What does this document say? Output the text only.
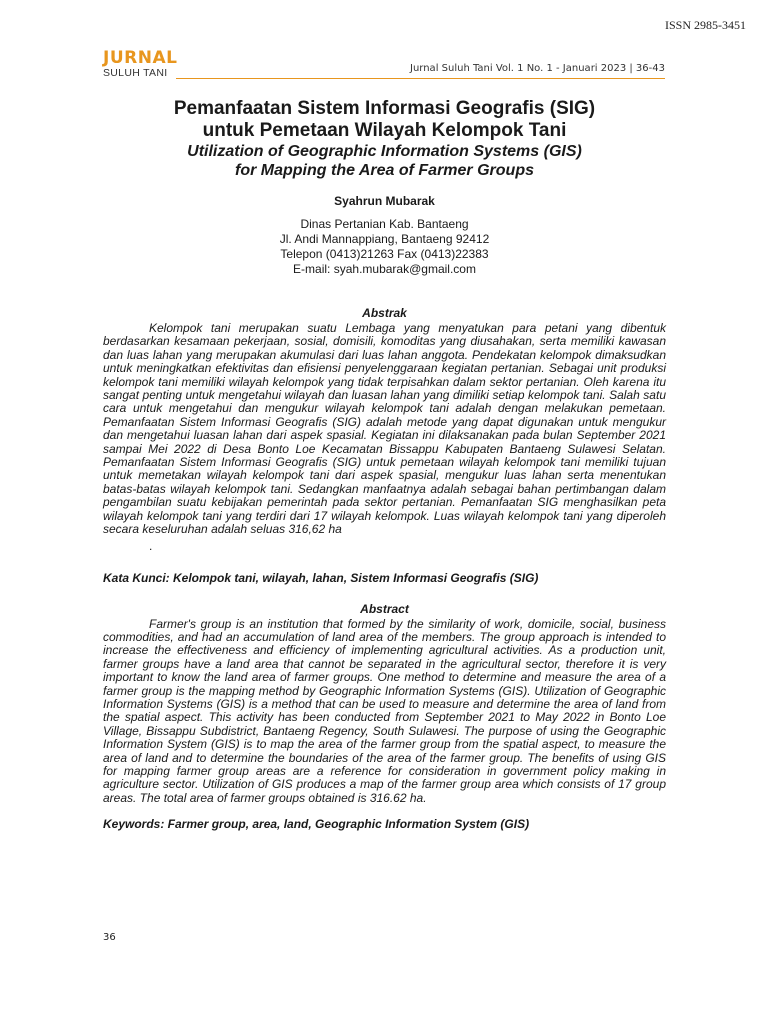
ISSN 2985-3451
JURNAL
SULUH TANI	Jurnal Suluh Tani Vol. 1 No. 1 - Januari 2023 | 36-43
Pemanfaatan Sistem Informasi Geografis (SIG)
untuk Pemetaan Wilayah Kelompok Tani
Utilization of Geographic Information Systems (GIS)
for Mapping the Area of Farmer Groups
Syahrun Mubarak
Dinas Pertanian Kab. Bantaeng
Jl. Andi Mannappiang, Bantaeng 92412
Telepon (0413)21263 Fax (0413)22383
E-mail: syah.mubarak@gmail.com
Abstrak

Kelompok tani merupakan suatu Lembaga yang menyatukan para petani yang dibentuk berdasarkan kesamaan pekerjaan, sosial, domisili, komoditas yang diusahakan, serta memiliki kawasan dan luas lahan yang merupakan akumulasi dari luas lahan anggota. Pendekatan kelompok dimaksudkan untuk meningkatkan efektivitas dan efisiensi penyelenggaraan kegiatan pertanian. Sebagai unit produksi kelompok tani memiliki wilayah kelompok yang tidak terpisahkan dalam sektor pertanian. Oleh karena itu sangat penting untuk mengetahui wilayah dan luasan lahan yang dimiliki setiap kelompok tani. Salah satu cara untuk mengetahui dan mengukur wilayah kelompok tani adalah dengan melakukan pemetaan. Pemanfaatan Sistem Informasi Geografis (SIG) adalah metode yang dapat digunakan untuk mengukur dan mengetahui luasan lahan dari aspek spasial. Kegiatan ini dilaksanakan pada bulan September 2021 sampai Mei 2022 di Desa Bonto Loe Kecamatan Bissappu Kabupaten Bantaeng Sulawesi Selatan. Pemanfaatan Sistem Informasi Geografis (SIG) untuk pemetaan wilayah kelompok tani memiliki tujuan untuk memetakan wilayah kelompok tani dari aspek spasial, mengukur luas lahan serta menentukan batas-batas wilayah kelompok tani. Sedangkan manfaatnya adalah sebagai bahan pertimbangan dalam pengambilan suatu kebijakan pemerintah pada sektor pertanian. Pemanfaatan SIG menghasilkan peta wilayah kelompok tani yang terdiri dari 17 wilayah kelompok. Luas wilayah kelompok tani yang diperoleh secara keseluruhan adalah seluas 316,62 ha

.
Kata Kunci: Kelompok tani, wilayah, lahan, Sistem Informasi Geografis (SIG)
Abstract

Farmer's group is an institution that formed by the similarity of work, domicile, social, business commodities, and had an accumulation of land area of the members. The group approach is intended to increase the effectiveness and efficiency of implementing agricultural activities. As a production unit, farmer groups have a land area that cannot be separated in the agricultural sector, therefore it is very important to know the land area of farmer groups. One method to determine and measure the area of a farmer group is the mapping method by Geographic Information Systems (GIS). Utilization of Geographic Information Systems (GIS) is a method that can be used to measure and determine the area of land from the spatial aspect. This activity has been conducted from September 2021 to May 2022 in Bonto Loe Village, Bissappu Subdistrict, Bantaeng Regency, South Sulawesi. The purpose of using the Geographic Information System (GIS) is to map the area of the farmer group from the spatial aspect, to measure the area of land and to determine the boundaries of the area of the farmer group. The benefits of using GIS for mapping farmer group areas are a reference for consideration in government policy making in agriculture sector. Utilization of GIS produces a map of the farmer group area which consists of 17 group areas. The total area of farmer groups obtained is 316.62 ha.

Keywords: Farmer group, area, land, Geographic Information System (GIS)
36
